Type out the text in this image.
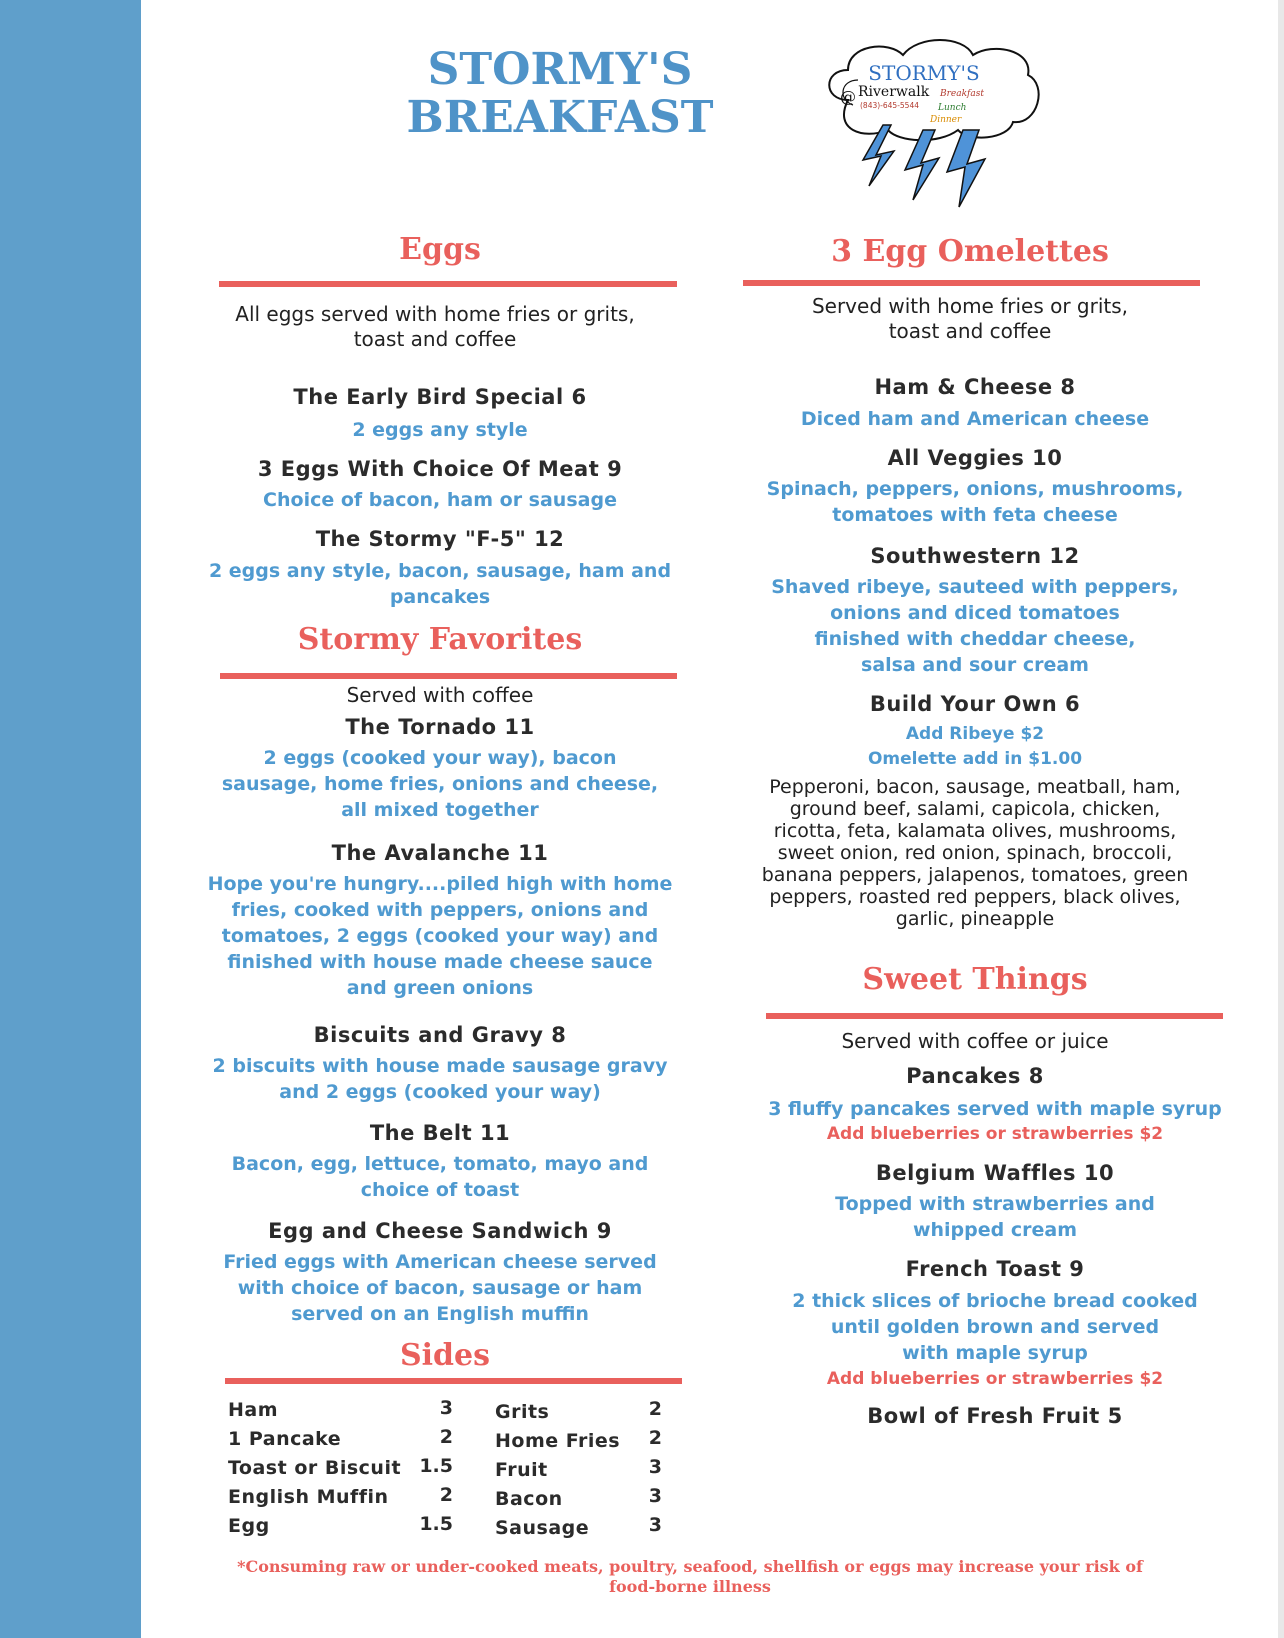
STORMY'S
BREAKFAST
STORMY'S
@ Riverwalk
(843)-645-5544
Breakfast
Lunch
Dinner
Eggs
All eggs served with home fries or grits,
toast and coffee
The Early Bird Special 6
2 eggs any style
3 Eggs With Choice Of Meat 9
Choice of bacon, ham or sausage
The Stormy "F-5" 12
2 eggs any style, bacon, sausage, ham and
pancakes
Stormy Favorites
Served with coffee
The Tornado 11
2 eggs (cooked your way), bacon
sausage, home fries, onions and cheese,
all mixed together
The Avalanche 11
Hope you're hungry....piled high with home
fries, cooked with peppers, onions and
tomatoes, 2 eggs (cooked your way) and
finished with house made cheese sauce
and green onions
Biscuits and Gravy 8
2 biscuits with house made sausage gravy
and 2 eggs (cooked your way)
The Belt 11
Bacon, egg, lettuce, tomato, mayo and
choice of toast
Egg and Cheese Sandwich 9
Fried eggs with American cheese served
with choice of bacon, sausage or ham
served on an English muffin
Sides
Ham	3
1 Pancake	2
Toast or Biscuit 1.5
English Muffin	2
Egg	1.5
Grits	2
Home Fries	2
Fruit	3
Bacon	3
Sausage	3
3 Egg Omelettes
Served with home fries or grits,
toast and coffee
Ham & Cheese 8
Diced ham and American cheese
All Veggies 10
Spinach, peppers, onions, mushrooms,
tomatoes with feta cheese
Southwestern 12
Shaved ribeye, sauteed with peppers,
onions and diced tomatoes
finished with cheddar cheese,
salsa and sour cream
Build Your Own 6
Add Ribeye $2
Omelette add in $1.00
Pepperoni, bacon, sausage, meatball, ham,
ground beef, salami, capicola, chicken,
ricotta, feta, kalamata olives, mushrooms,
sweet onion, red onion, spinach, broccoli,
banana peppers, jalapenos, tomatoes, green
peppers, roasted red peppers, black olives,
garlic, pineapple
Sweet Things
Served with coffee or juice
Pancakes 8
3 fluffy pancakes served with maple syrup
Add blueberries or strawberries $2
Belgium Waffles 10
Topped with strawberries and
whipped cream
French Toast 9
2 thick slices of brioche bread cooked
until golden brown and served
with maple syrup
Add blueberries or strawberries $2
Bowl of Fresh Fruit 5
*Consuming raw or under-cooked meats, poultry, seafood, shellfish or eggs may increase your risk of
food-borne illness
